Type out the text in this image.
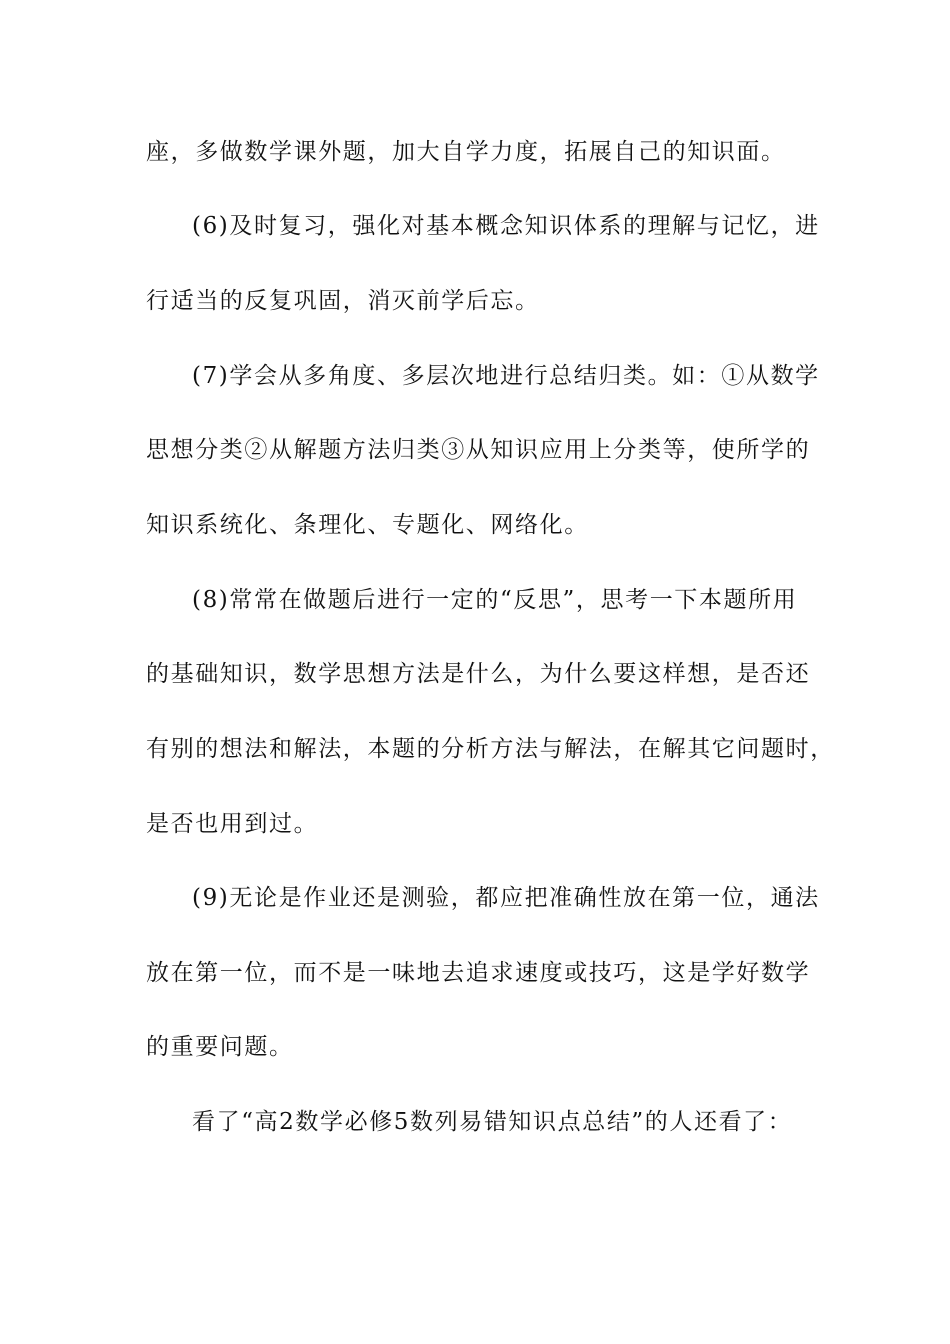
座，多做数学课外题，加大自学力度，拓展自己的知识面。
(6)及时复习，强化对基本概念知识体系的理解与记忆，进
行适当的反复巩固，消灭前学后忘。
(7)学会从多角度、多层次地进行总结归类。如：①从数学
思想分类②从解题方法归类③从知识应用上分类等，使所学的
知识系统化、条理化、专题化、网络化。
(8)常常在做题后进行一定的“反思”，思考一下本题所用
的基础知识，数学思想方法是什么，为什么要这样想，是否还
有别的想法和解法，本题的分析方法与解法，在解其它问题时，
是否也用到过。
(9)无论是作业还是测验，都应把准确性放在第一位，通法
放在第一位，而不是一味地去追求速度或技巧，这是学好数学
的重要问题。
看了“高2数学必修5数列易错知识点总结”的人还看了：
